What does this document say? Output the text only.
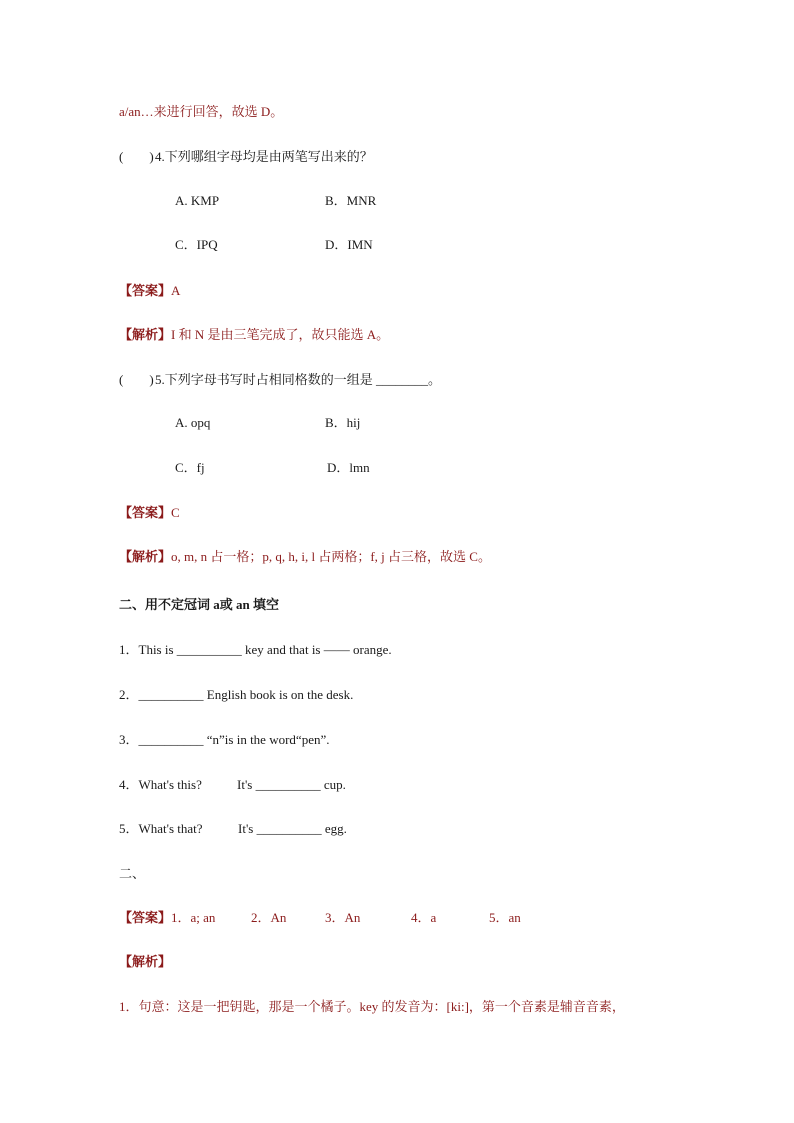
a/an…来进行回答，故选 D。
(　　)4.下列哪组字母均是由两笔写出来的？
A. KMP	B．MNR
C．IPQ	D．IMN
【答案】A
【解析】I 和 N 是由三笔完成了，故只能选 A。
(　　)5.下列字母书写时占相同格数的一组是 ________。
A. opq	B．hij
C．fj	D．lmn
【答案】C
【解析】o, m, n 占一格；p, q, h, i, l 占两格；f, j 占三格，故选 C。
二、用不定冠词 a或 an 填空
1．This is __________ key and that is —— orange.
2．__________ English book is on the desk.
3．__________ “n”is in the word“pen”.
4．What's this?	It's __________ cup.
5．What's that?	It's __________ egg.
二、
【答案】1．a; an	2．An	3．An	4．a	5．an
【解析】
1．句意：这是一把钥匙，那是一个橘子。key 的发音为：[ki:]，第一个音素是辅音音素，
